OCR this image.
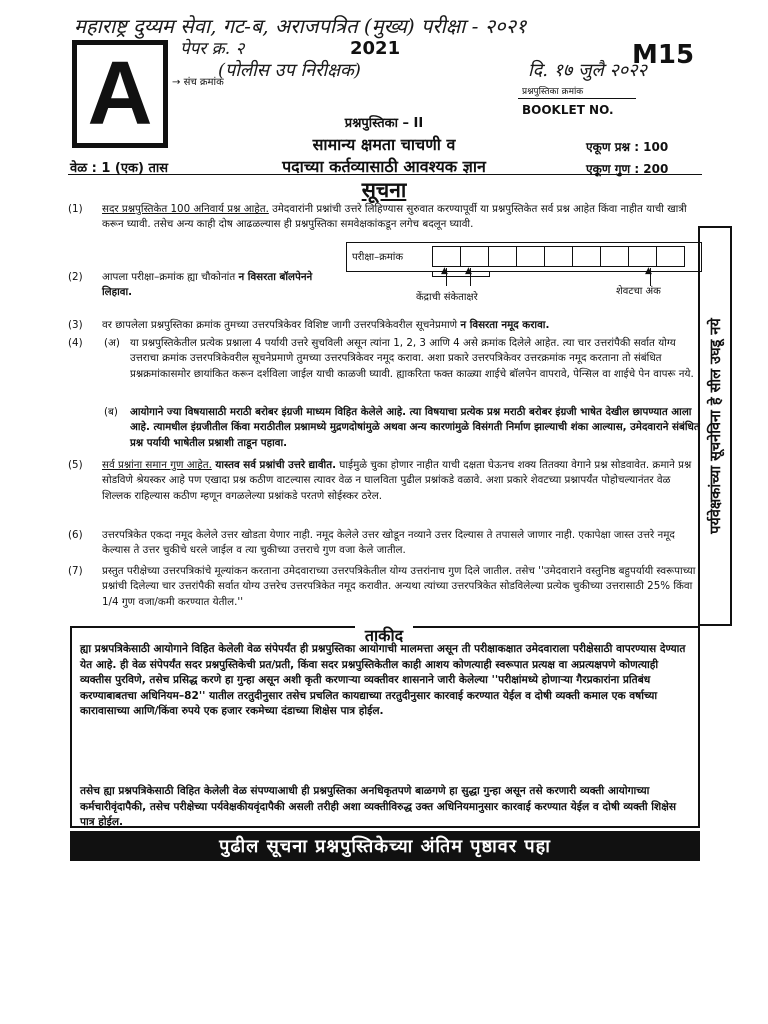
महाराष्ट्र दुय्यम सेवा, गट-ब, अराजपत्रित (मुख्य) परीक्षा - २०२१
पेपर क्र. २	2021	M15
A → संच क्रमांक
(पोलीस उप निरीक्षक)	दि. १७ जुलै २०२२
प्रश्नपुस्तिका क्रमांक
BOOKLET NO.
प्रश्नपुस्तिका – II
सामान्य क्षमता चाचणी व
पदाच्या कर्तव्यासाठी आवश्यक ज्ञान
वेळ : 1 (एक) तास
एकूण प्रश्न : 100
एकूण गुण : 200
सूचना
(1)	सदर प्रश्नपुस्तिकेत 100 अनिवार्य प्रश्न आहेत. उमेदवारांनी प्रश्नांची उत्तरे लिहिण्यास सुरुवात करण्यापूर्वी या प्रश्नपुस्तिकेत सर्व प्रश्न आहेत किंवा नाहीत याची खात्री करून घ्यावी. तसेच अन्य काही दोष आढळल्यास ही प्रश्नपुस्तिका समवेक्षकांकडून लगेच बदलून घ्यावी.
(2)	आपला परीक्षा–क्रमांक ह्या चौकोनांत न विसरता बॉलपेनने लिहावा.
परीक्षा–क्रमांक
▲ ▲	▲
केंद्राची संकेताक्षरे
शेवटचा अंक
(3)	वर छापलेला प्रश्नपुस्तिका क्रमांक तुमच्या उत्तरपत्रिकेवर विशिष्ट जागी उत्तरपत्रिकेवरील सूचनेप्रमाणे न विसरता नमूद करावा.
(4)	(अ) या प्रश्नपुस्तिकेतील प्रत्येक प्रश्नाला 4 पर्यायी उत्तरे सुचविली असून त्यांना 1, 2, 3 आणि 4 असे क्रमांक दिलेले आहेत. त्या चार उत्तरांपैकी सर्वात योग्य उत्तराचा क्रमांक उत्तरपत्रिकेवरील सूचनेप्रमाणे तुमच्या उत्तरपत्रिकेवर नमूद करावा. अशा प्रकारे उत्तरपत्रिकेवर उत्तरक्रमांक नमूद करताना तो संबंधित प्रश्नक्रमांकासमोर छायांकित करून दर्शविला जाईल याची काळजी घ्यावी. ह्याकरिता फक्त काळ्या शाईचे बॉलपेन वापरावे, पेन्सिल वा शाईचे पेन वापरू नये.
(ब) आयोगाने ज्या विषयासाठी मराठी बरोबर इंग्रजी माध्यम विहित केलेले आहे. त्या विषयाचा प्रत्येक प्रश्न मराठी बरोबर इंग्रजी भाषेत देखील छापण्यात आला आहे. त्यामधील इंग्रजीतील किंवा मराठीतील प्रश्नामध्ये मुद्रणदोषांमुळे अथवा अन्य कारणांमुळे विसंगती निर्माण झाल्याची शंका आल्यास, उमेदवाराने संबंधित प्रश्न पर्यायी भाषेतील प्रश्नाशी ताडून पहावा.
(5)	सर्व प्रश्नांना समान गुण आहेत. यास्तव सर्व प्रश्नांची उत्तरे द्यावीत. घाईमुळे चुका होणार नाहीत याची दक्षता घेऊनच शक्य तितक्या वेगाने प्रश्न सोडवावेत. क्रमाने प्रश्न सोडविणे श्रेयस्कर आहे पण एखादा प्रश्न कठीण वाटल्यास त्यावर वेळ न घालविता पुढील प्रश्नांकडे वळावे. अशा प्रकारे शेवटच्या प्रश्नापर्यंत पोहोचल्यानंतर वेळ शिल्लक राहिल्यास कठीण म्हणून वगळलेल्या प्रश्नांकडे परतणे सोईस्कर ठरेल.
(6)	उत्तरपत्रिकेत एकदा नमूद केलेले उत्तर खोडता येणार नाही. नमूद केलेले उत्तर खोडून नव्याने उत्तर दिल्यास ते तपासले जाणार नाही. एकापेक्षा जास्त उत्तरे नमूद केल्यास ते उत्तर चुकीचे धरले जाईल व त्या चुकीच्या उत्तराचे गुण वजा केले जातील.
(7)	प्रस्तुत परीक्षेच्या उत्तरपत्रिकांचे मूल्यांकन करताना उमेदवाराच्या उत्तरपत्रिकेतील योग्य उत्तरांनाच गुण दिले जातील. तसेच ''उमेदवाराने वस्तुनिष्ठ बहुपर्यायी स्वरूपाच्या प्रश्नांची दिलेल्या चार उत्तरांपैकी सर्वात योग्य उत्तरेच उत्तरपत्रिकेत नमूद करावीत. अन्यथा त्यांच्या उत्तरपत्रिकेत सोडविलेल्या प्रत्येक चुकीच्या उत्तरासाठी 25% किंवा 1/4 गुण वजा/कमी करण्यात येतील.''
पर्यवेक्षकांच्या सूचनेविना हे सील उघडू नये
ताकीद
ह्या प्रश्नपत्रिकेसाठी आयोगाने विहित केलेली वेळ संपेपर्यंत ही प्रश्नपुस्तिका आयोगाची मालमत्ता असून ती परीक्षाकक्षात उमेदवाराला परीक्षेसाठी वापरण्यास देण्यात येत आहे. ही वेळ संपेपर्यंत सदर प्रश्नपुस्तिकेची प्रत/प्रती, किंवा सदर प्रश्नपुस्तिकेतील काही आशय कोणत्याही स्वरूपात प्रत्यक्ष वा अप्रत्यक्षपणे कोणत्याही व्यक्तीस पुरविणे, तसेच प्रसिद्ध करणे हा गुन्हा असून अशी कृती करणाऱ्या व्यक्तीवर शासनाने जारी केलेल्या ''परीक्षांमध्ये होणाऱ्या गैरप्रकारांना प्रतिबंध करण्याबाबतचा अधिनियम–82'' यातील तरतुदीनुसार तसेच प्रचलित कायद्याच्या तरतुदीनुसार कारवाई करण्यात येईल व दोषी व्यक्ती कमाल एक वर्षाच्या कारावासाच्या आणि/किंवा रुपये एक हजार रकमेच्या दंडाच्या शिक्षेस पात्र होईल.
तसेच ह्या प्रश्नपत्रिकेसाठी विहित केलेली वेळ संपण्याआधी ही प्रश्नपुस्तिका अनधिकृतपणे बाळगणे हा सुद्धा गुन्हा असून तसे करणारी व्यक्ती आयोगाच्या कर्मचारीवृंदापैकी, तसेच परीक्षेच्या पर्यवेक्षकीयवृंदापैकी असली तरीही अशा व्यक्तीविरुद्ध उक्त अधिनियमानुसार कारवाई करण्यात येईल व दोषी व्यक्ती शिक्षेस पात्र होईल.
पुढील सूचना प्रश्नपुस्तिकेच्या अंतिम पृष्ठावर पहा
